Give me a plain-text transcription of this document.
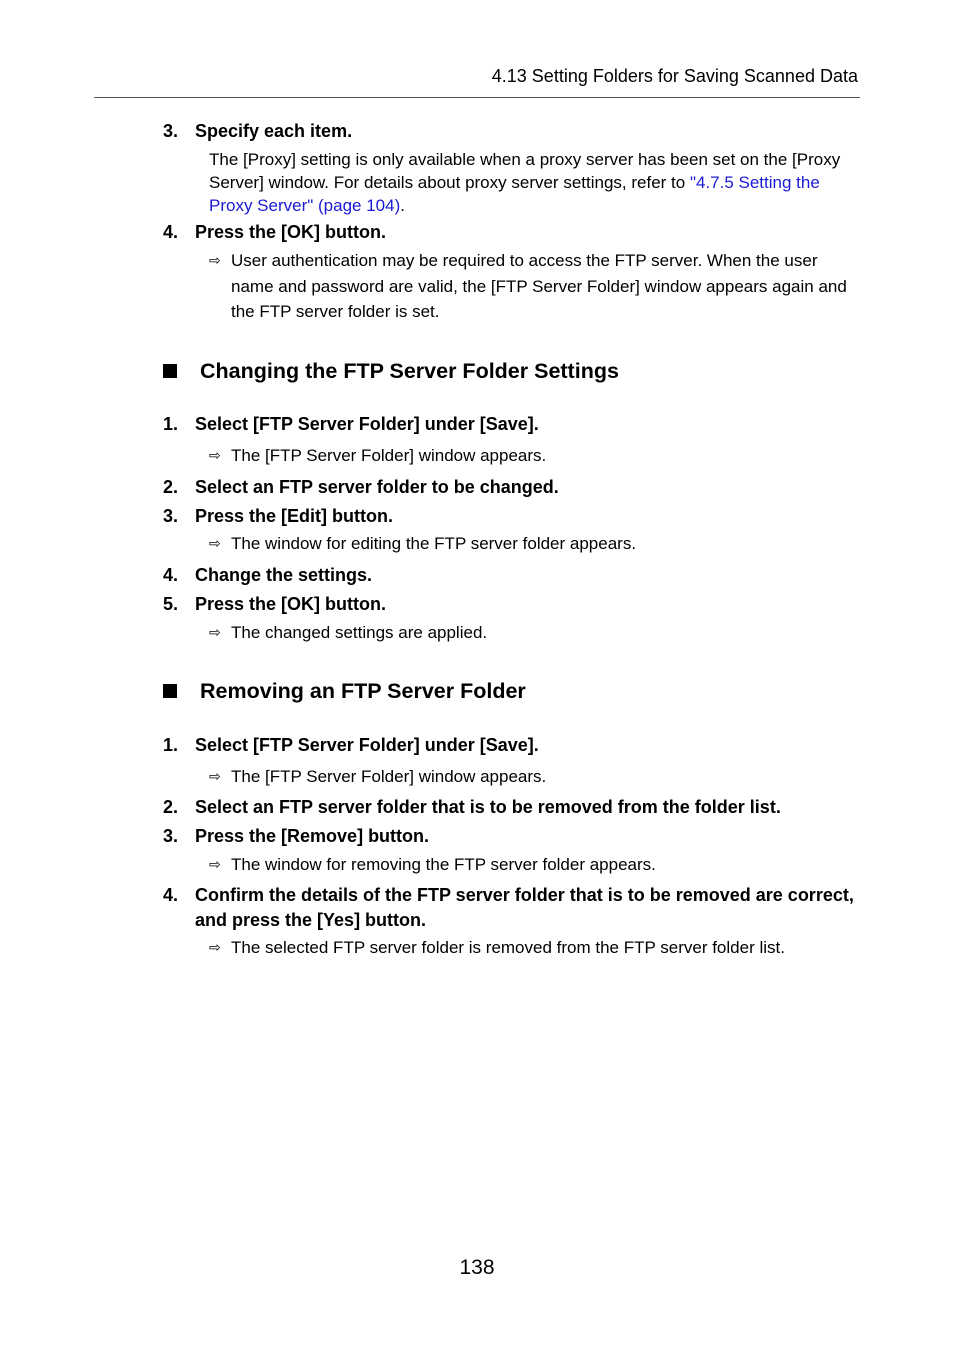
4.13 Setting Folders for Saving Scanned Data
3. Specify each item.
The [Proxy] setting is only available when a proxy server has been set on the [Proxy Server] window. For details about proxy server settings, refer to "4.7.5 Setting the Proxy Server" (page 104).
4. Press the [OK] button.
⇨ User authentication may be required to access the FTP server. When the user name and password are valid, the [FTP Server Folder] window appears again and the FTP server folder is set.
Changing the FTP Server Folder Settings
1. Select [FTP Server Folder] under [Save].
⇨ The [FTP Server Folder] window appears.
2. Select an FTP server folder to be changed.
3. Press the [Edit] button.
⇨ The window for editing the FTP server folder appears.
4. Change the settings.
5. Press the [OK] button.
⇨ The changed settings are applied.
Removing an FTP Server Folder
1. Select [FTP Server Folder] under [Save].
⇨ The [FTP Server Folder] window appears.
2. Select an FTP server folder that is to be removed from the folder list.
3. Press the [Remove] button.
⇨ The window for removing the FTP server folder appears.
4. Confirm the details of the FTP server folder that is to be removed are correct, and press the [Yes] button.
⇨ The selected FTP server folder is removed from the FTP server folder list.
138
